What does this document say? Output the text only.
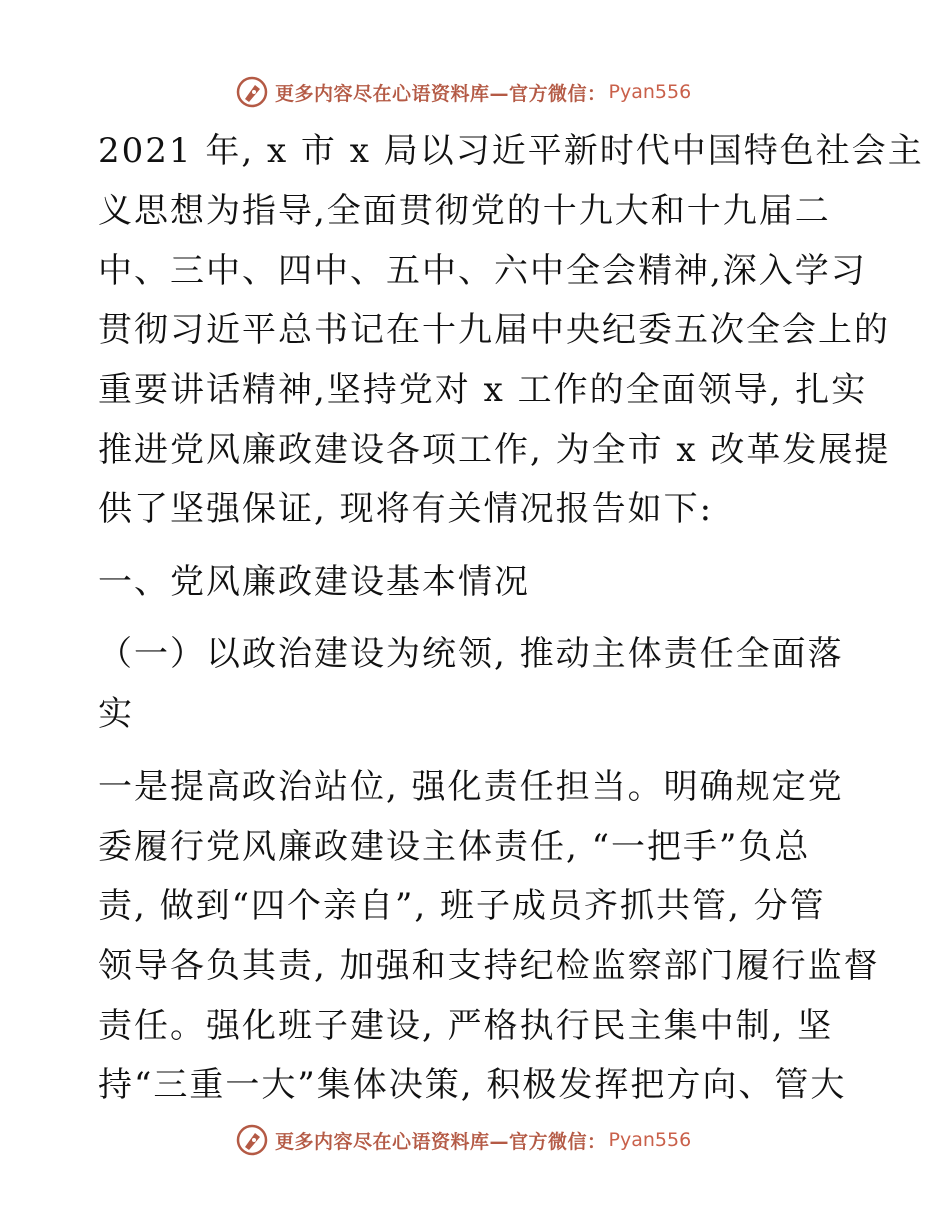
更多内容尽在心语资料库—官方微信： Pyan556
2021 年, x 市 x 局以习近平新时代中国特色社会主
义思想为指导,全面贯彻党的十九大和十九届二
中、三中、四中、五中、六中全会精神,深入学习
贯彻习近平总书记在十九届中央纪委五次全会上的
重要讲话精神,坚持党对 x 工作的全面领导, 扎实
推进党风廉政建设各项工作, 为全市 x 改革发展提
供了坚强保证, 现将有关情况报告如下:
一、党风廉政建设基本情况
（一）以政治建设为统领, 推动主体责任全面落
实
一是提高政治站位, 强化责任担当。明确规定党
委履行党风廉政建设主体责任, “一把手”负总
责, 做到“四个亲自”, 班子成员齐抓共管, 分管
领导各负其责, 加强和支持纪检监察部门履行监督
责任。强化班子建设, 严格执行民主集中制, 坚
持“三重一大”集体决策, 积极发挥把方向、管大
更多内容尽在心语资料库—官方微信： Pyan556
